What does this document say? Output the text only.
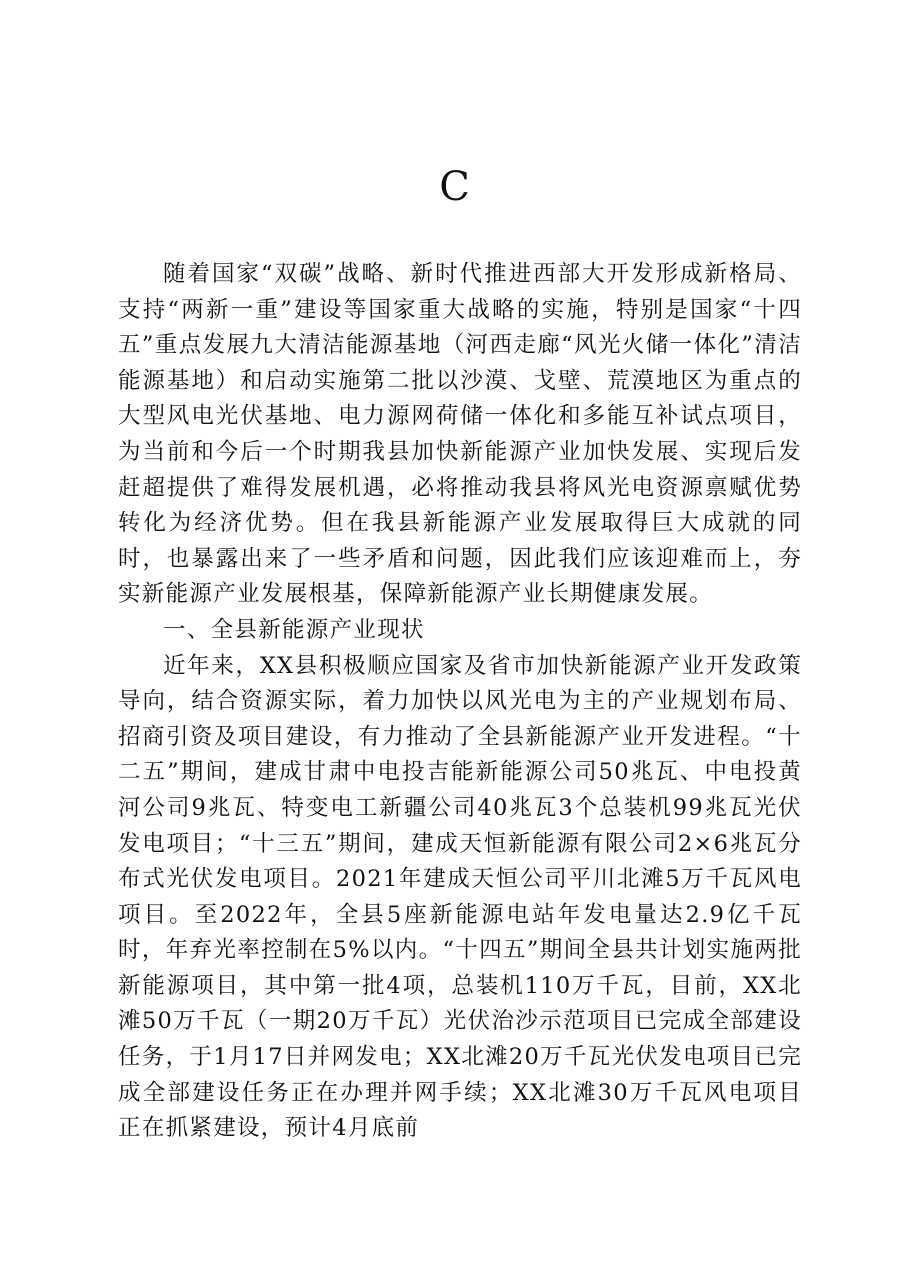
C

随着国家“双碳”战略、新时代推进西部大开发形成新格局、支持“两新一重”建设等国家重大战略的实施，特别是国家“十四五”重点发展九大清洁能源基地（河西走廊“风光火储一体化”清洁能源基地）和启动实施第二批以沙漠、戈壁、荒漠地区为重点的大型风电光伏基地、电力源网荷储一体化和多能互补试点项目，为当前和今后一个时期我县加快新能源产业加快发展、实现后发赶超提供了难得发展机遇，必将推动我县将风光电资源禀赋优势转化为经济优势。但在我县新能源产业发展取得巨大成就的同时，也暴露出来了一些矛盾和问题，因此我们应该迎难而上，夯实新能源产业发展根基，保障新能源产业长期健康发展。

一、全县新能源产业现状

近年来，XX县积极顺应国家及省市加快新能源产业开发政策导向，结合资源实际，着力加快以风光电为主的产业规划布局、招商引资及项目建设，有力推动了全县新能源产业开发进程。“十二五”期间，建成甘肃中电投吉能新能源公司50兆瓦、中电投黄河公司9兆瓦、特变电工新疆公司40兆瓦3个总装机99兆瓦光伏发电项目；“十三五”期间，建成天恒新能源有限公司2×6兆瓦分布式光伏发电项目。2021年建成天恒公司平川北滩5万千瓦风电项目。至2022年，全县5座新能源电站年发电量达2.9亿千瓦时，年弃光率控制在5%以内。“十四五”期间全县共计划实施两批新能源项目，其中第一批4项，总装机110万千瓦，目前，XX北滩50万千瓦（一期20万千瓦）光伏治沙示范项目已完成全部建设任务，于1月17日并网发电；XX北滩20万千瓦光伏发电项目已完成全部建设任务正在办理并网手续；XX北滩30万千瓦风电项目正在抓紧建设，预计4月底前
